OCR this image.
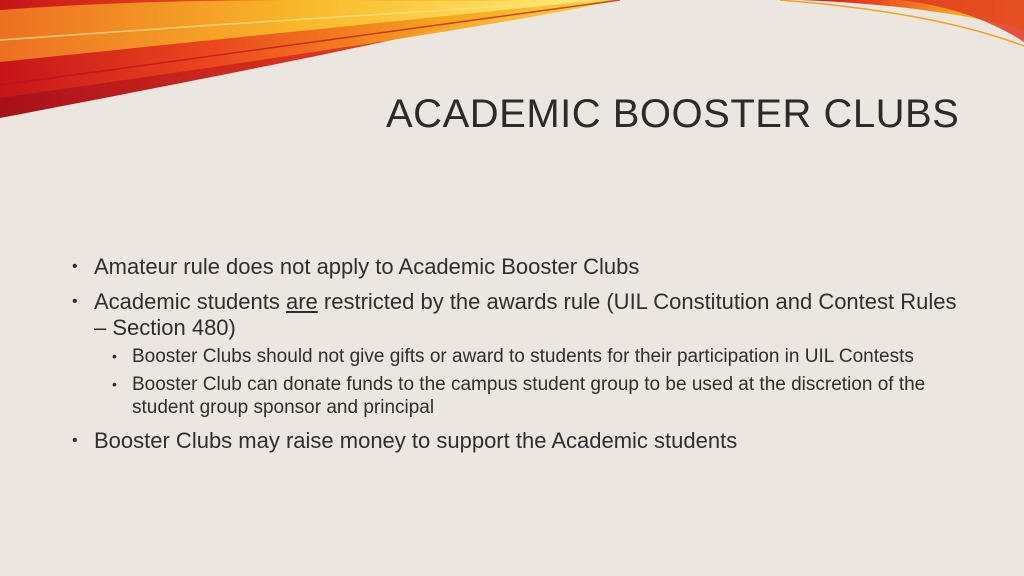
ACADEMIC BOOSTER CLUBS
• Amateur rule does not apply to Academic Booster Clubs
• Academic students are restricted by the awards rule (UIL Constitution and Contest Rules – Section 480)
• Booster Clubs should not give gifts or award to students for their participation in UIL Contests
• Booster Club can donate funds to the campus student group to be used at the discretion of the student group sponsor and principal
• Booster Clubs may raise money to support the Academic students
